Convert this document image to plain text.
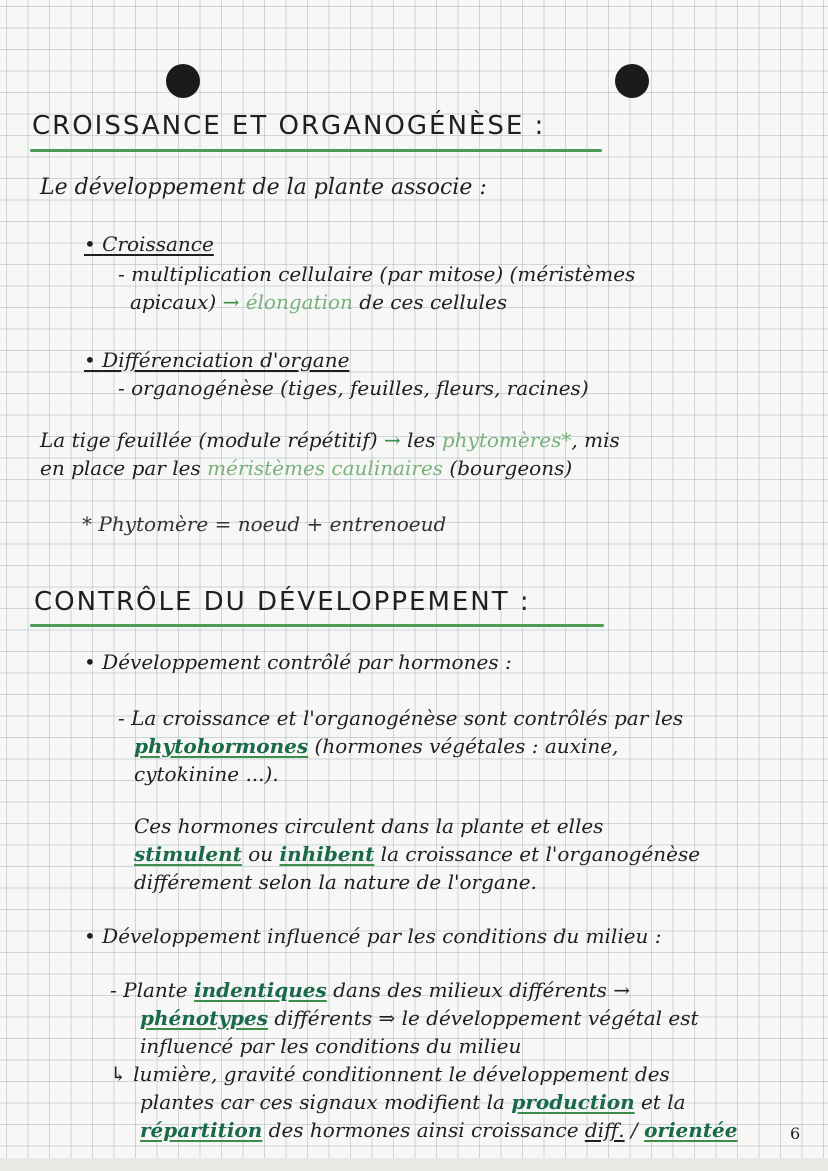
CROISSANCE ET ORGANOGÉNÈSE :
Le développement de la plante associe :
• Croissance
- multiplication cellulaire (par mitose) (méristèmes
apicaux) → élongation de ces cellules
• Différenciation d'organe
- organogénèse (tiges, feuilles, fleurs, racines)
La tige feuillée (module répétitif) → les phytomères*, mis
en place par les méristèmes caulinaires (bourgeons)
* Phytomère = noeud + entrenoeud
CONTRÔLE DU DÉVELOPPEMENT :
• Développement contrôlé par hormones :
- La croissance et l'organogénèse sont contrôlés par les
phytohormones (hormones végétales : auxine,
cytokinine ...).
Ces hormones circulent dans la plante et elles
stimulent ou inhibent la croissance et l'organogénèse
différement selon la nature de l'organe.
• Développement influencé par les conditions du milieu :
- Plante indentiques dans des milieux différents →
phénotypes différents ⇒ le développement végétal est
influencé par les conditions du milieu
↳ lumière, gravité conditionnent le développement des
plantes car ces signaux modifient la production et la
répartition des hormones ainsi croissance diff. / orientée	6
